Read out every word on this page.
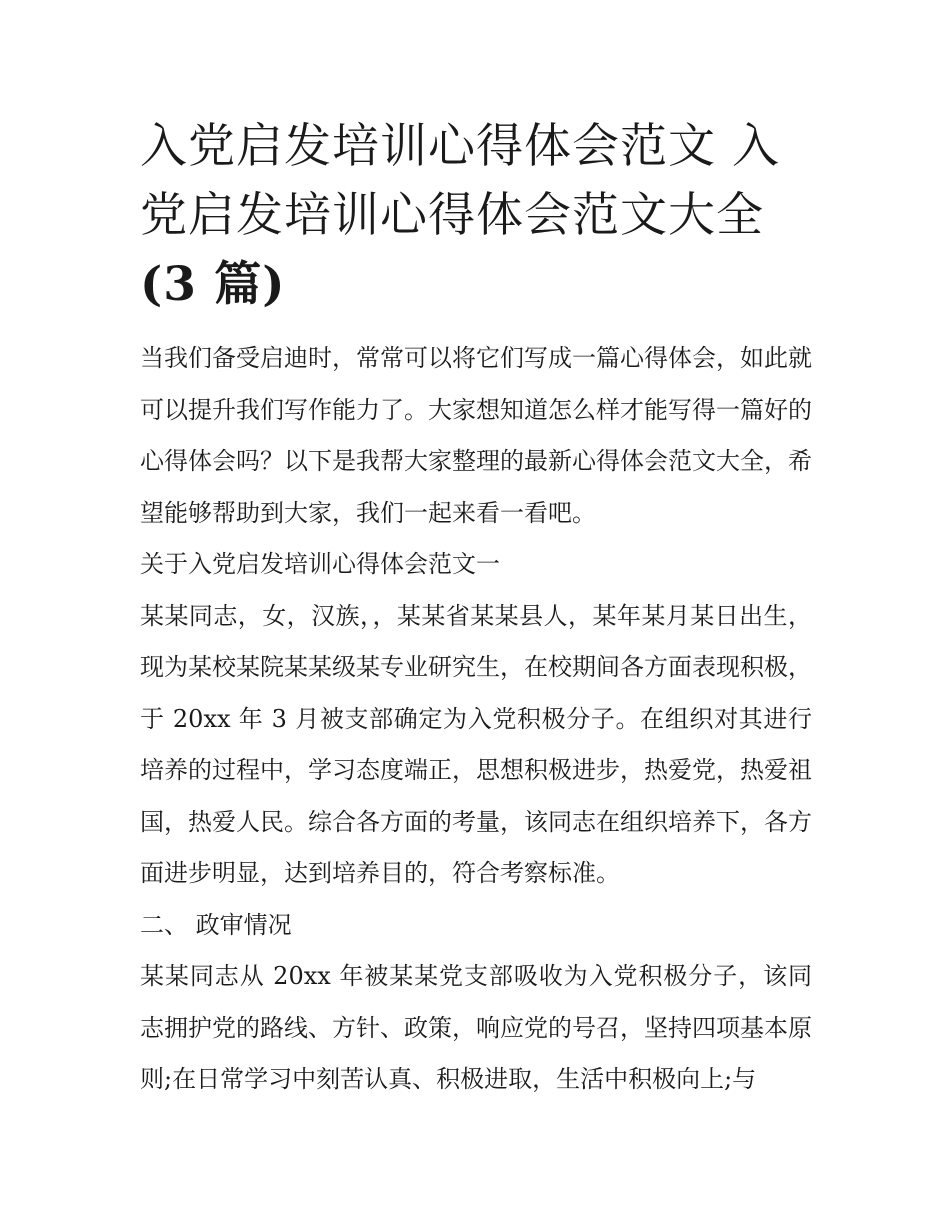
入党启发培训心得体会范文 入党启发培训心得体会范文大全 (3 篇)

当我们备受启迪时，常常可以将它们写成一篇心得体会，如此就可以提升我们写作能力了。大家想知道怎么样才能写得一篇好的心得体会吗？以下是我帮大家整理的最新心得体会范文大全，希望能够帮助到大家，我们一起来看一看吧。

关于入党启发培训心得体会范文一

某某同志，女，汉族，，某某省某某县人，某年某月某日出生，现为某校某院某某级某专业研究生，在校期间各方面表现积极，于 20xx 年 3 月被支部确定为入党积极分子。在组织对其进行培养的过程中，学习态度端正，思想积极进步，热爱党，热爱祖国，热爱人民。综合各方面的考量，该同志在组织培养下，各方面进步明显，达到培养目的，符合考察标准。

二、 政审情况

某某同志从 20xx 年被某某党支部吸收为入党积极分子，该同志拥护党的路线、方针、政策，响应党的号召，坚持四项基本原则;在日常学习中刻苦认真、积极进取，生活中积极向上;与
